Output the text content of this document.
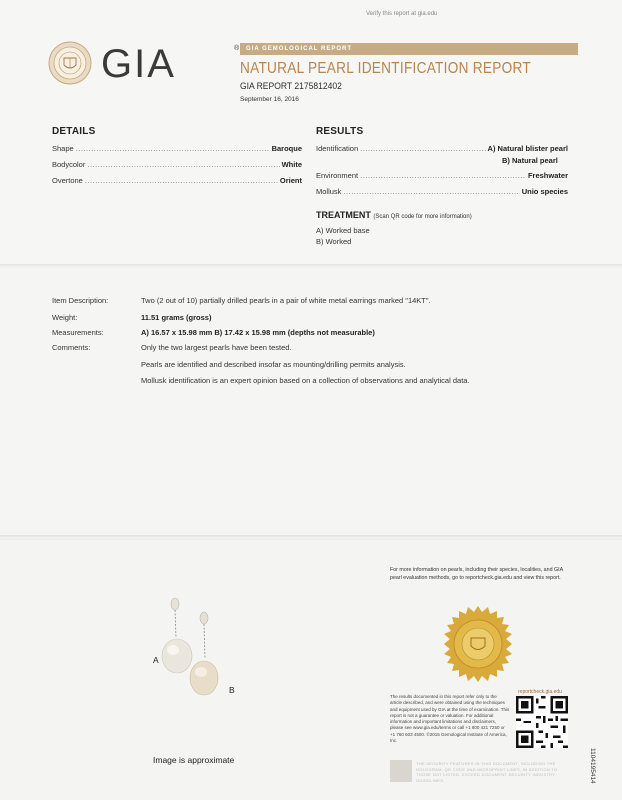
Verify this report at gia.edu
GIA	®	GIA GEMOLOGICAL REPORT
NATURAL PEARL IDENTIFICATION REPORT
GIA REPORT 2175812402
September 16, 2016
DETAILS
Shape .....	Baroque
Bodycolor .....	White
Overtone .....	Orient
RESULTS
Identification .....	A) Natural blister pearl
B) Natural pearl
Environment .....	Freshwater
Mollusk .....	Unio species
TREATMENT (Scan QR code for more information)
A) Worked base
B) Worked
Item Description:	Two (2 out of 10) partially drilled pearls in a pair of white metal earrings marked "14KT".
Weight:	11.51 grams (gross)
Measurements:	A) 16.57 x 15.98 mm B) 17.42 x 15.98 mm (depths not measurable)
Comments:	Only the two largest pearls have been tested.
Pearls are identified and described insofar as mounting/drilling permits analysis.
Mollusk identification is an expert opinion based on a collection of observations and analytical data.
A
B
Image is approximate
For more information on pearls, including their species, localities, and GIA pearl evaluation methods, go to reportcheck.gia.edu and view this report.
reportcheck.gia.edu
The results documented in this report refer only to the article described, and were obtained using the techniques and equipment used by GIA at the time of examination. This report is not a guarantee or valuation. For additional information and important limitations and disclaimers, please see www.gia.edu/terms or call +1 800 421 7250 or +1 760 603 4500. ©2015 Gemological Institute of America, Inc.
THE SECURITY FEATURES IN THIS DOCUMENT, INCLUDING THE HOLOGRAM, QR CODE AND MICROPRINT LINES, IN ADDITION TO THOSE NOT LISTED, EXCEED DOCUMENT SECURITY INDUSTRY GUIDELINES.	1104195414
